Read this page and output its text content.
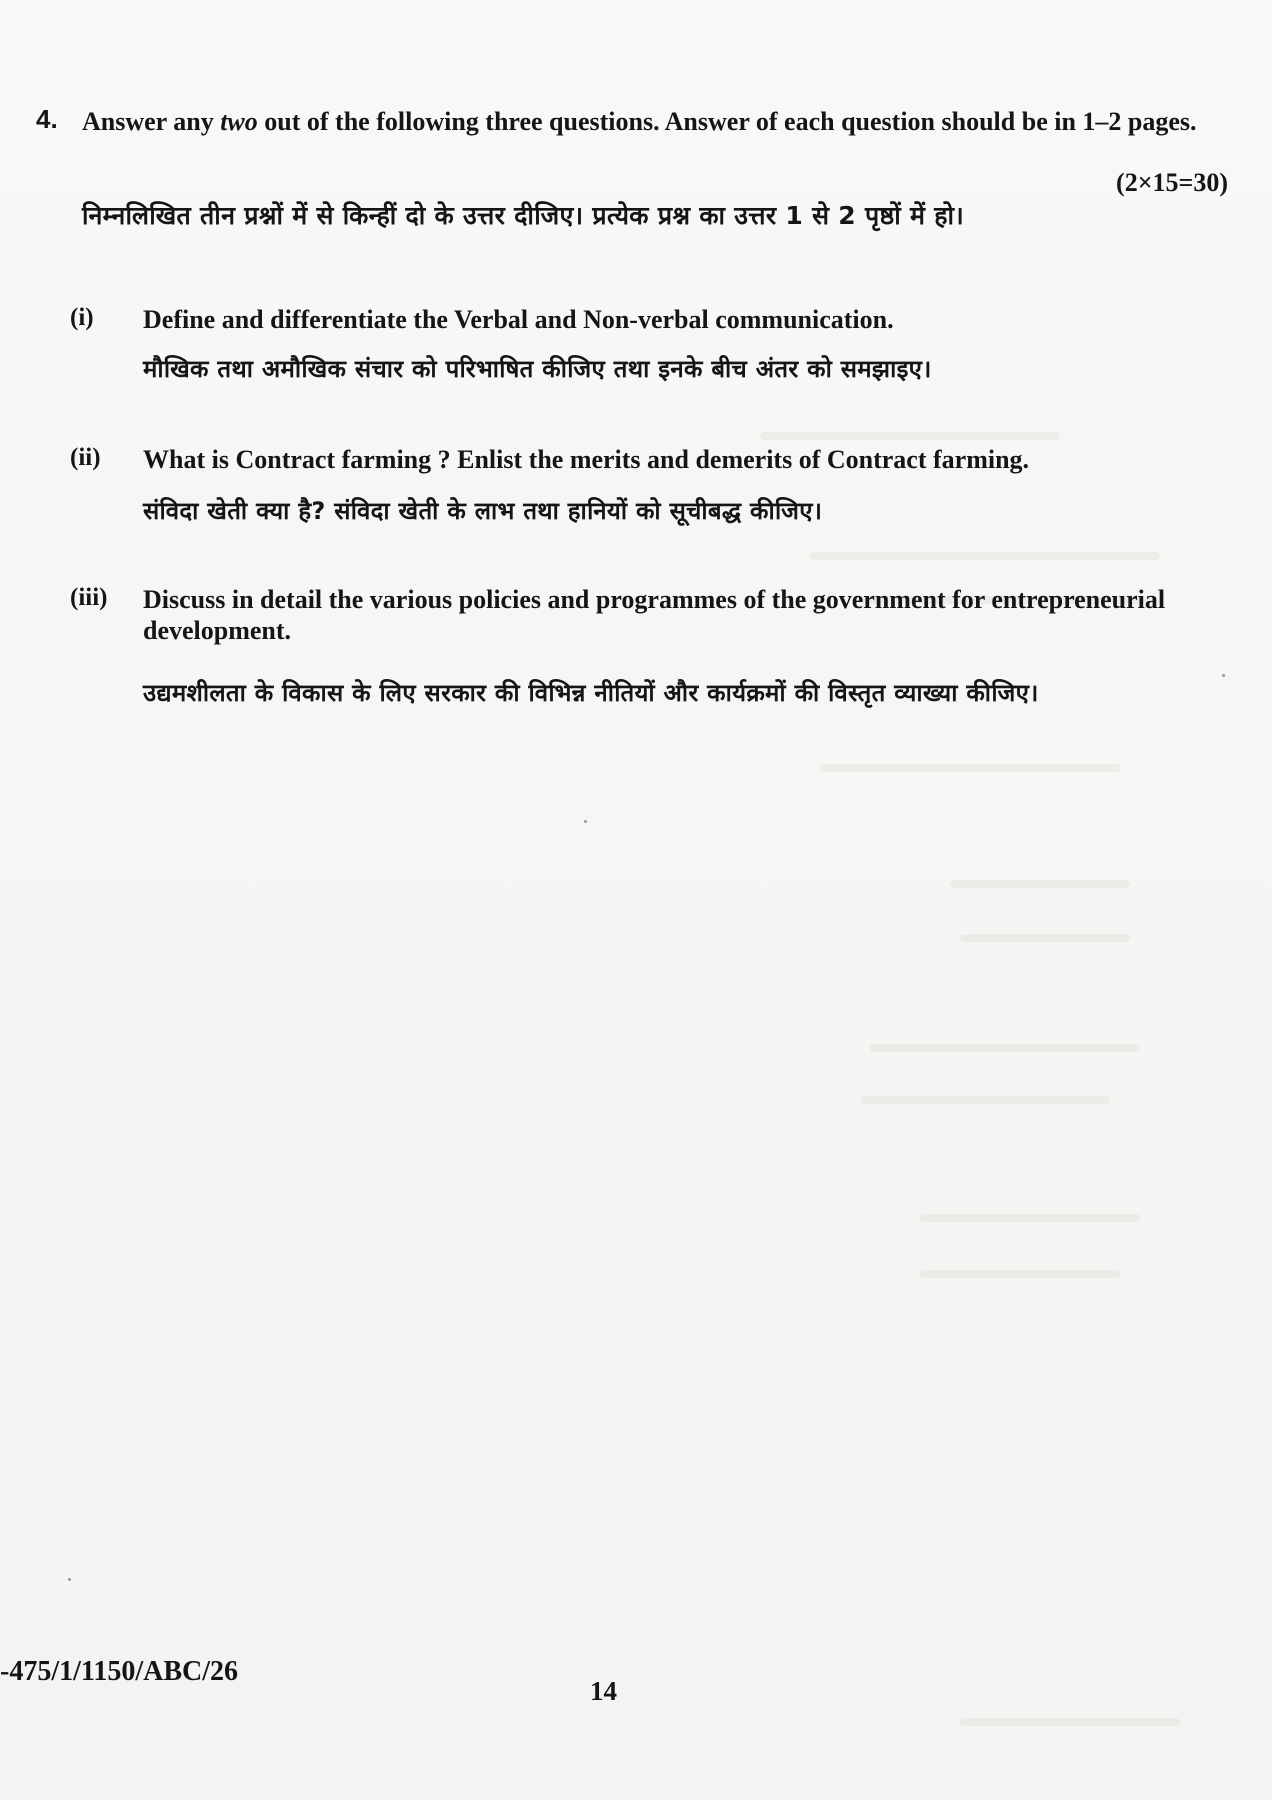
4. Answer any two out of the following three questions. Answer of each question should be in 1–2 pages.
(2×15=30)
निम्नलिखित तीन प्रश्नों में से किन्हीं दो के उत्तर दीजिए। प्रत्येक प्रश्न का उत्तर 1 से 2 पृष्ठों में हो।
(i) Define and differentiate the Verbal and Non-verbal communication.
मौखिक तथा अमौखिक संचार को परिभाषित कीजिए तथा इनके बीच अंतर को समझाइए।
(ii) What is Contract farming ? Enlist the merits and demerits of Contract farming.
संविदा खेती क्या है? संविदा खेती के लाभ तथा हानियों को सूचीबद्ध कीजिए।
(iii) Discuss in detail the various policies and programmes of the government for entrepreneurial development.
उद्यमशीलता के विकास के लिए सरकार की विभिन्न नीतियों और कार्यक्रमों की विस्तृत व्याख्या कीजिए।
-475/1/1150/ABC/26
14
